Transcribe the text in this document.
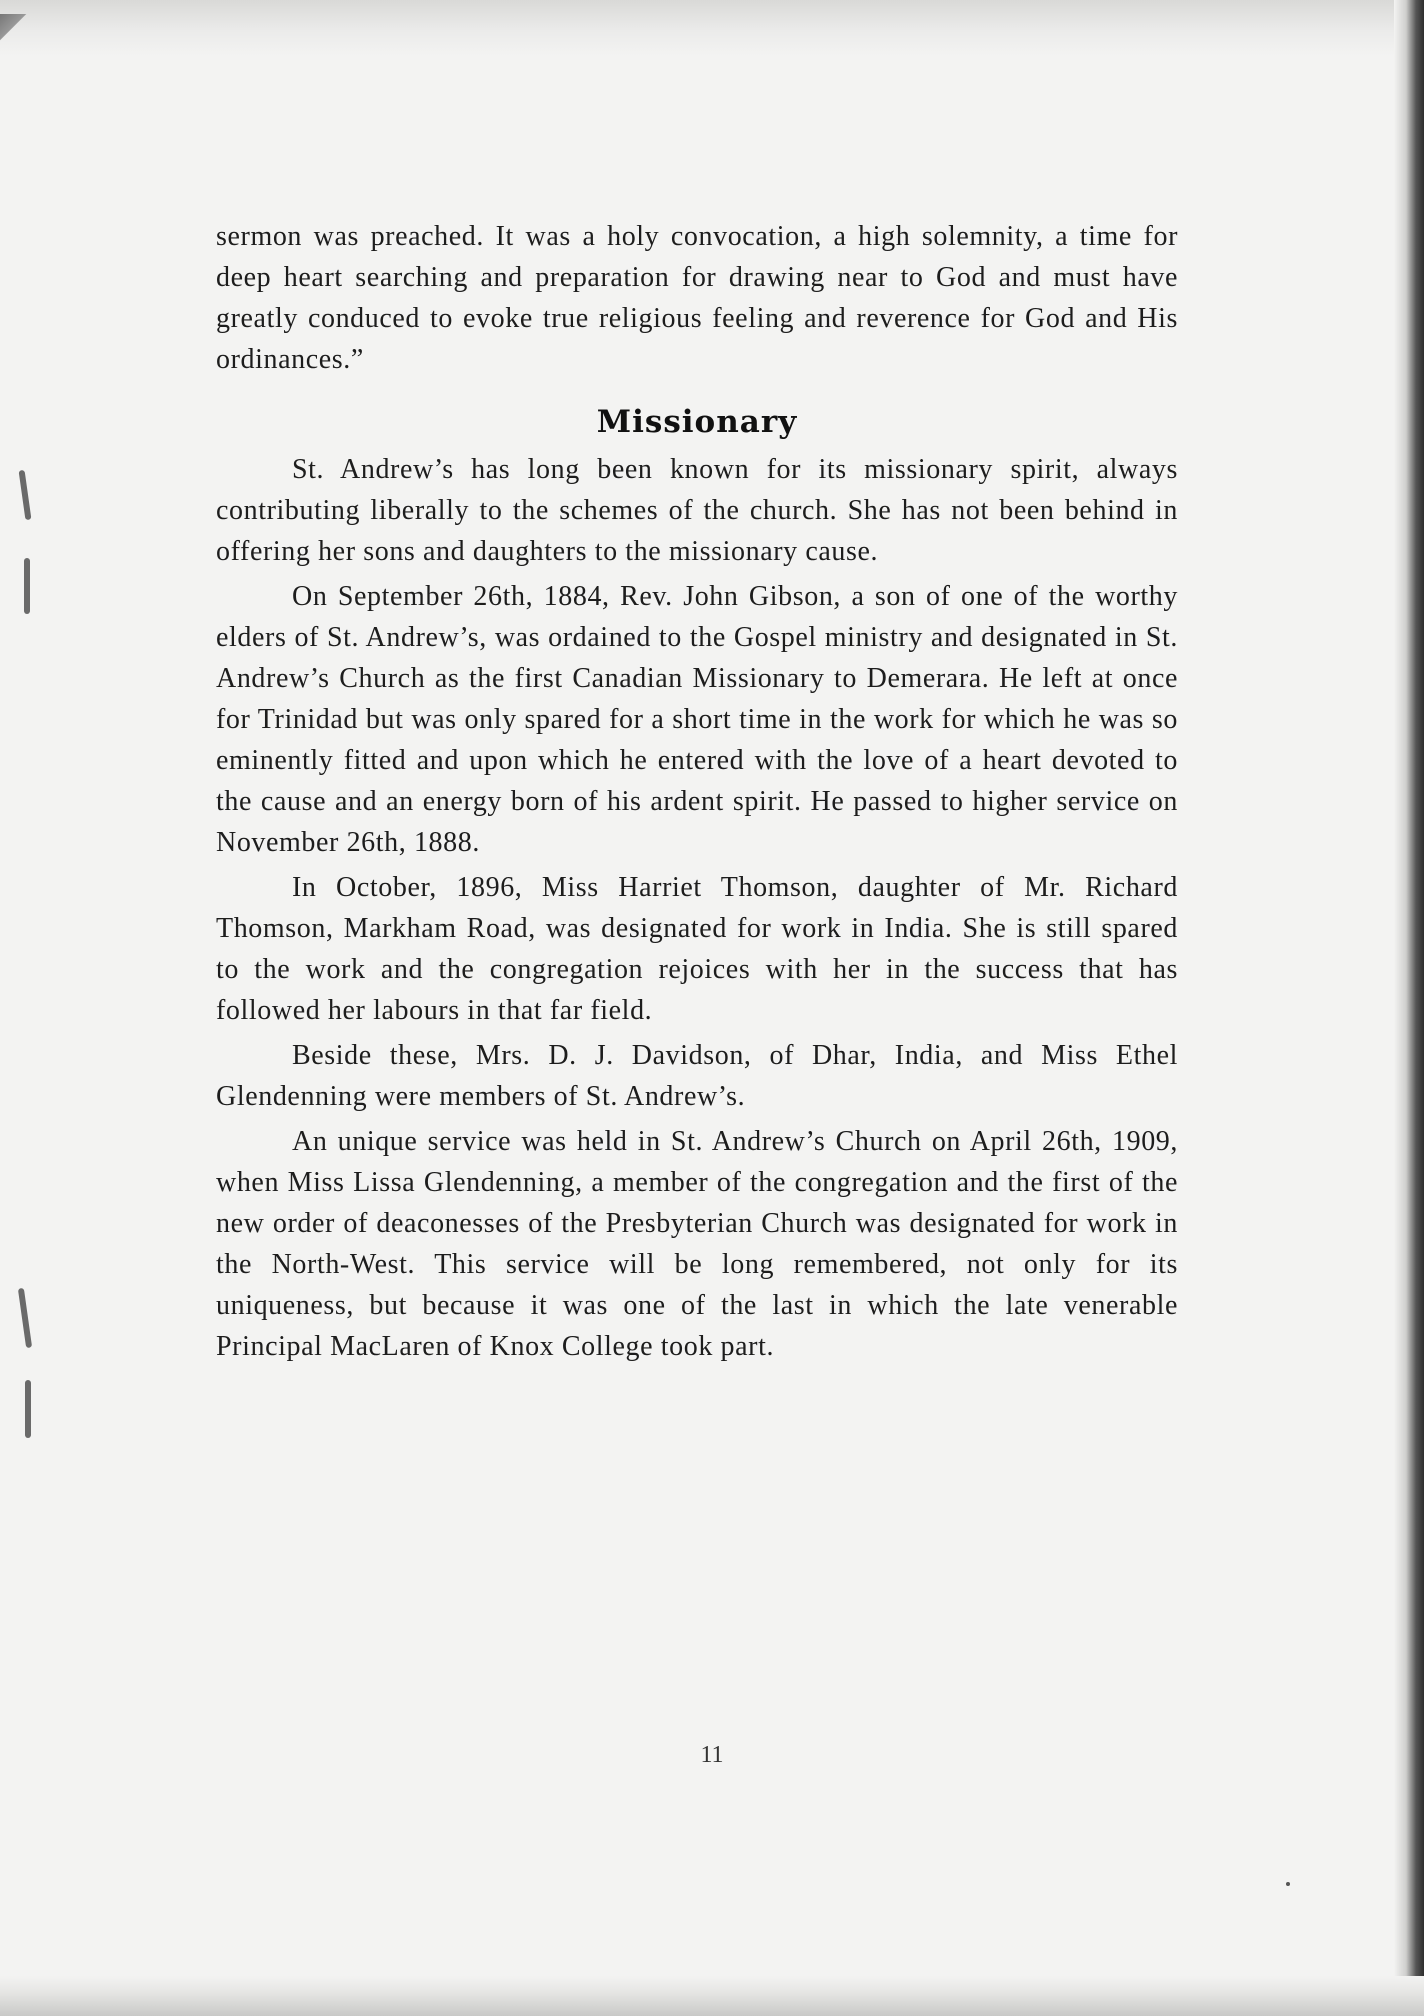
sermon was preached. It was a holy convocation, a high solemnity, a time for deep heart searching and preparation for drawing near to God and must have greatly conduced to evoke true religious feeling and reverence for God and His ordinances.”

Missionary

St. Andrew’s has long been known for its missionary spirit, always contributing liberally to the schemes of the church. She has not been behind in offering her sons and daughters to the missionary cause.

On September 26th, 1884, Rev. John Gibson, a son of one of the worthy elders of St. Andrew’s, was ordained to the Gospel ministry and designated in St. Andrew’s Church as the first Canadian Missionary to Demerara. He left at once for Trinidad but was only spared for a short time in the work for which he was so eminently fitted and upon which he entered with the love of a heart devoted to the cause and an energy born of his ardent spirit. He passed to higher service on November 26th, 1888.

In October, 1896, Miss Harriet Thomson, daughter of Mr. Richard Thomson, Markham Road, was designated for work in India. She is still spared to the work and the congregation rejoices with her in the success that has followed her labours in that far field.

Beside these, Mrs. D. J. Davidson, of Dhar, India, and Miss Ethel Glendenning were members of St. Andrew’s.

An unique service was held in St. Andrew’s Church on April 26th, 1909, when Miss Lissa Glendenning, a member of the congregation and the first of the new order of deaconesses of the Presbyterian Church was designated for work in the North-West. This service will be long remembered, not only for its uniqueness, but because it was one of the last in which the late venerable Principal MacLaren of Knox College took part.

11
